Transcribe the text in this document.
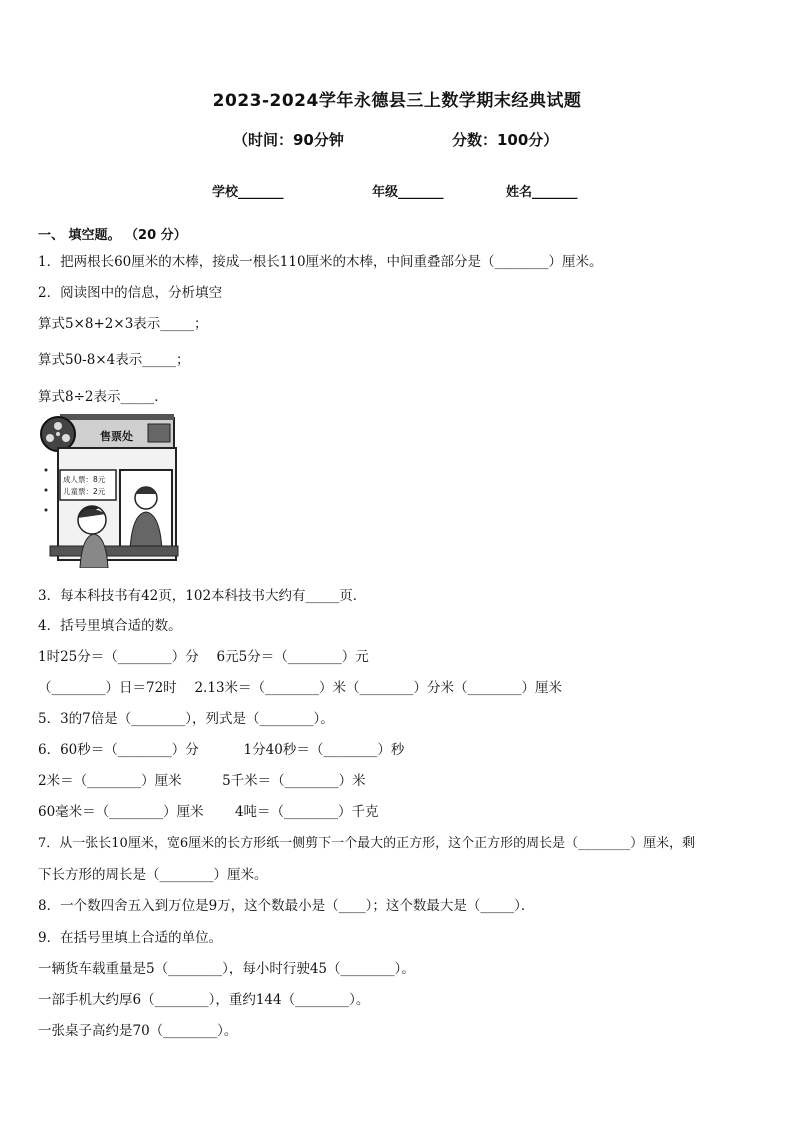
2023-2024学年永德县三上数学期末经典试题
（时间：90分钟	分数：100分）
学校_______	年级_______	姓名_______
一、 填空题。 （20 分）
1．把两根长60厘米的木棒，接成一根长110厘米的木棒，中间重叠部分是（________）厘米。
2．阅读图中的信息，分析填空
算式5×8+2×3表示_____；
算式50-8×4表示_____；
算式8÷2表示_____．
售票处
成人票：8元
儿童票：2元
3．每本科技书有42页，102本科技书大约有_____页．
4．括号里填合适的数。
1时25分＝（________）分　 6元5分＝（________）元
（________）日＝72时　 2.13米＝（________）米（________）分米（________）厘米
5．3的7倍是（________），列式是（________）。
6．60秒＝（________）分　　　 1分40秒＝（________）秒
2米＝（________）厘米　　　5千米＝（________）米
60毫米＝（________）厘米　　 4吨＝（________）千克
7．从一张长10厘米，宽6厘米的长方形纸一侧剪下一个最大的正方形，这个正方形的周长是（________）厘米，剩
下长方形的周长是（________）厘米。
8．一个数四舍五入到万位是9万，这个数最小是（____）；这个数最大是（_____）．
9．在括号里填上合适的单位。
一辆货车载重量是5（________），每小时行驶45（________）。
一部手机大约厚6（________），重约144（________）。
一张桌子高约是70（________）。
